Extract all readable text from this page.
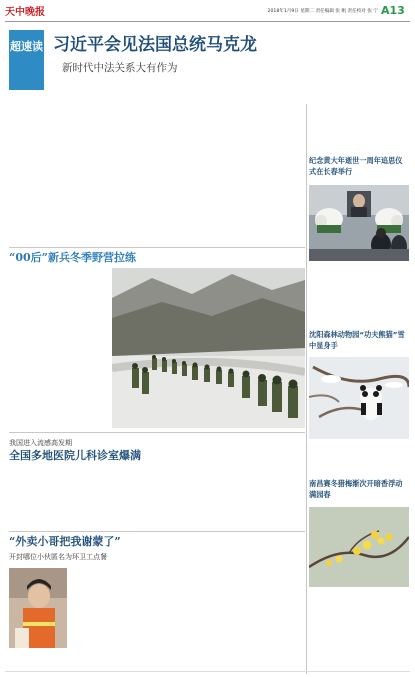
天中晚报	2018年1月9日 星期二 责任编辑 张 帆 责任校对 张 宁 A13
超速读 习近平会见法国总统马克龙
新时代中法关系大有作为
纪念黄大年逝世一周年追思仪式在长春举行
沈阳森林动物园“功夫熊猫”雪中显身手
南昌赛冬猎梅渐次开暗香浮动满园春
“00后”新兵冬季野营拉练
我国进入流感高发期
全国多地医院儿科诊室爆满
“外卖小哥把我谢蒙了”
开封哪位小伙匿名为环卫工点餐
